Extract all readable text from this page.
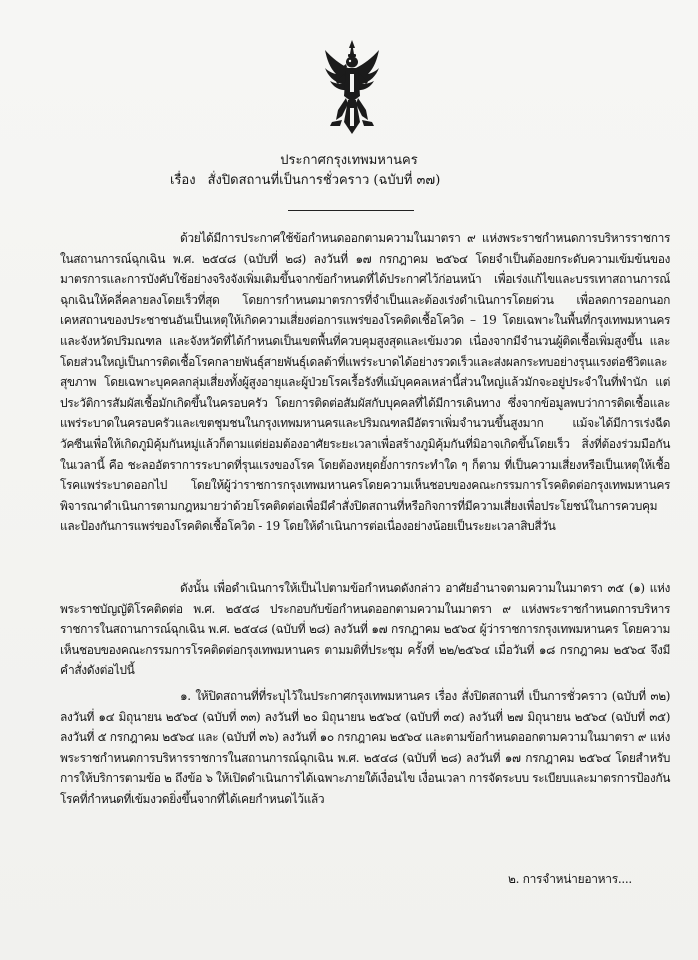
ประกาศกรุงเทพมหานคร
เรื่อง สั่งปิดสถานที่เป็นการชั่วคราว (ฉบับที่ ๓๗)

ด้วยได้มีการประกาศใช้ข้อกำหนดออกตามความในมาตรา ๙ แห่งพระราชกำหนดการบริหารราชการในสถานการณ์ฉุกเฉิน พ.ศ. ๒๕๔๘ (ฉบับที่ ๒๘) ลงวันที่ ๑๗ กรกฎาคม ๒๕๖๔ โดยจำเป็นต้องยกระดับความเข้มข้นของมาตรการและการบังคับใช้อย่างจริงจังเพิ่มเติมขึ้นจากข้อกำหนดที่ได้ประกาศไว้ก่อนหน้า เพื่อเร่งแก้ไขและบรรเทาสถานการณ์ฉุกเฉินให้คลี่คลายลงโดยเร็วที่สุด โดยการกำหนดมาตรการที่จำเป็นและต้องเร่งดำเนินการโดยด่วน เพื่อลดการออกนอกเคหสถานของประชาชนอันเป็นเหตุให้เกิดความเสี่ยงต่อการแพร่ของโรคติดเชื้อโควิด – 19 โดยเฉพาะในพื้นที่กรุงเทพมหานครและจังหวัดปริมณฑล และจังหวัดที่ได้กำหนดเป็นเขตพื้นที่ควบคุมสูงสุดและเข้มงวด เนื่องจากมีจำนวนผู้ติดเชื้อเพิ่มสูงขึ้น และโดยส่วนใหญ่เป็นการติดเชื้อโรคกลายพันธุ์สายพันธุ์เดลต้าที่แพร่ระบาดได้อย่างรวดเร็วและส่งผลกระทบอย่างรุนแรงต่อชีวิตและสุขภาพ โดยเฉพาะบุคคลกลุ่มเสี่ยงทั้งผู้สูงอายุและผู้ป่วยโรคเรื้อรังที่แม้บุคคลเหล่านี้ส่วนใหญ่แล้วมักจะอยู่ประจำในที่พำนัก แต่ประวัติการสัมผัสเชื้อมักเกิดขึ้นในครอบครัว โดยการติดต่อสัมผัสกับบุคคลที่ได้มีการเดินทาง ซึ่งจากข้อมูลพบว่าการติดเชื้อและแพร่ระบาดในครอบครัวและเขตชุมชนในกรุงเทพมหานครและปริมณฑลมีอัตราเพิ่มจำนวนขึ้นสูงมาก แม้จะได้มีการเร่งฉีดวัคซีนเพื่อให้เกิดภูมิคุ้มกันหมู่แล้วก็ตามแต่ย่อมต้องอาศัยระยะเวลาเพื่อสร้างภูมิคุ้มกันที่มิอาจเกิดขึ้นโดยเร็ว สิ่งที่ต้องร่วมมือกันในเวลานี้ คือ ชะลออัตราการระบาดที่รุนแรงของโรค โดยต้องหยุดยั้งการกระทำใด ๆ ก็ตาม ที่เป็นความเสี่ยงหรือเป็นเหตุให้เชื้อโรคแพร่ระบาดออกไป โดยให้ผู้ว่าราชการกรุงเทพมหานครโดยความเห็นชอบของคณะกรรมการโรคติดต่อกรุงเทพมหานคร พิจารณาดำเนินการตามกฎหมายว่าด้วยโรคติดต่อเพื่อมีคำสั่งปิดสถานที่หรือกิจการที่มีความเสี่ยงเพื่อประโยชน์ในการควบคุมและป้องกันการแพร่ของโรคติดเชื้อโควิด - 19 โดยให้ดำเนินการต่อเนื่องอย่างน้อยเป็นระยะเวลาสิบสี่วัน

ดังนั้น เพื่อดำเนินการให้เป็นไปตามข้อกำหนดดังกล่าว อาศัยอำนาจตามความในมาตรา ๓๕ (๑) แห่งพระราชบัญญัติโรคติดต่อ พ.ศ. ๒๕๕๘ ประกอบกับข้อกำหนดออกตามความในมาตรา ๙ แห่งพระราชกำหนดการบริหารราชการในสถานการณ์ฉุกเฉิน พ.ศ. ๒๕๔๘ (ฉบับที่ ๒๘) ลงวันที่ ๑๗ กรกฎาคม ๒๕๖๔ ผู้ว่าราชการกรุงเทพมหานคร โดยความเห็นชอบของคณะกรรมการโรคติดต่อกรุงเทพมหานคร ตามมติที่ประชุม ครั้งที่ ๒๒/๒๕๖๔ เมื่อวันที่ ๑๘ กรกฎาคม ๒๕๖๔ จึงมีคำสั่งดังต่อไปนี้

๑. ให้ปิดสถานที่ที่ระบุไว้ในประกาศกรุงเทพมหานคร เรื่อง สั่งปิดสถานที่ เป็นการชั่วคราว (ฉบับที่ ๓๒) ลงวันที่ ๑๔ มิถุนายน ๒๕๖๔ (ฉบับที่ ๓๓) ลงวันที่ ๒๐ มิถุนายน ๒๕๖๔ (ฉบับที่ ๓๔) ลงวันที่ ๒๗ มิถุนายน ๒๕๖๔ (ฉบับที่ ๓๕) ลงวันที่ ๕ กรกฎาคม ๒๕๖๔ และ (ฉบับที่ ๓๖) ลงวันที่ ๑๐ กรกฎาคม ๒๕๖๔ และตามข้อกำหนดออกตามความในมาตรา ๙ แห่งพระราชกำหนดการบริหารราชการในสถานการณ์ฉุกเฉิน พ.ศ. ๒๕๔๘ (ฉบับที่ ๒๘) ลงวันที่ ๑๗ กรกฎาคม ๒๕๖๔ โดยสำหรับการให้บริการตามข้อ ๒ ถึงข้อ ๖ ให้เปิดดำเนินการได้เฉพาะภายใต้เงื่อนไข เงื่อนเวลา การจัดระบบ ระเบียบและมาตรการป้องกันโรคที่กำหนดที่เข้มงวดยิ่งขึ้นจากที่ได้เคยกำหนดไว้แล้ว

๒. การจำหน่ายอาหาร....
